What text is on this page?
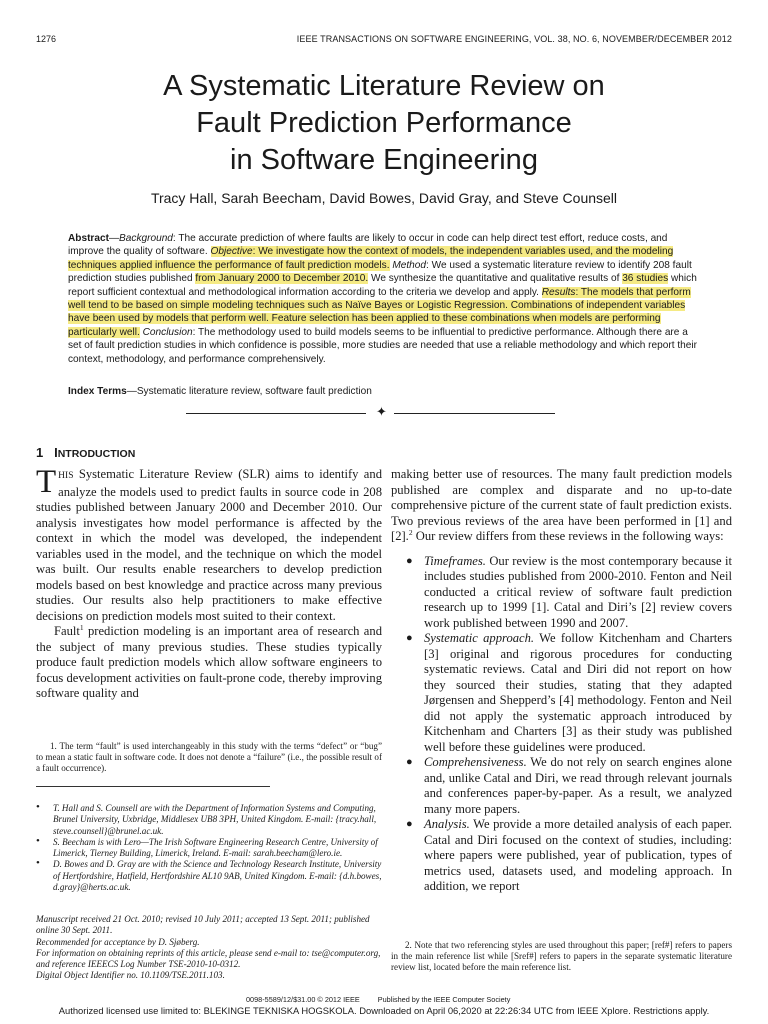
1276	IEEE TRANSACTIONS ON SOFTWARE ENGINEERING, VOL. 38, NO. 6, NOVEMBER/DECEMBER 2012
A Systematic Literature Review on
Fault Prediction Performance
in Software Engineering
Tracy Hall, Sarah Beecham, David Bowes, David Gray, and Steve Counsell
Abstract—Background: The accurate prediction of where faults are likely to occur in code can help direct test effort, reduce costs, and improve the quality of software. Objective: We investigate how the context of models, the independent variables used, and the modeling techniques applied influence the performance of fault prediction models. Method: We used a systematic literature review to identify 208 fault prediction studies published from January 2000 to December 2010. We synthesize the quantitative and qualitative results of 36 studies which report sufficient contextual and methodological information according to the criteria we develop and apply. Results: The models that perform well tend to be based on simple modeling techniques such as Naïve Bayes or Logistic Regression. Combinations of independent variables have been used by models that perform well. Feature selection has been applied to these combinations when models are performing particularly well. Conclusion: The methodology used to build models seems to be influential to predictive performance. Although there are a set of fault prediction studies in which confidence is possible, more studies are needed that use a reliable methodology and which report their context, methodology, and performance comprehensively.
Index Terms—Systematic literature review, software fault prediction
✦
1 INTRODUCTION

THIS Systematic Literature Review (SLR) aims to identify and analyze the models used to predict faults in source code in 208 studies published between January 2000 and December 2010. Our analysis investigates how model performance is affected by the context in which the model was developed, the independent variables used in the model, and the technique on which the model was built. Our results enable researchers to develop prediction models based on best knowledge and practice across many previous studies. Our results also help practitioners to make effective decisions on prediction models most suited to their context.

Fault$^1$ prediction modeling is an important area of research and the subject of many previous studies. These studies typically produce fault prediction models which allow software engineers to focus development activities on fault-prone code, thereby improving software quality and

1. The term “fault” is used interchangeably in this study with the terms “defect” or “bug” to mean a static fault in software code. It does not denote a “failure” (i.e., the possible result of a fault occurrence).
• T. Hall and S. Counsell are with the Department of Information Systems and Computing, Brunel University, Uxbridge, Middlesex UB8 3PH, United Kingdom. E-mail: {tracy.hall, steve.counsell}@brunel.ac.uk.
• S. Beecham is with Lero—The Irish Software Engineering Research Centre, University of Limerick, Tierney Building, Limerick, Ireland. E-mail: sarah.beecham@lero.ie.
• D. Bowes and D. Gray are with the Science and Technology Research Institute, University of Hertfordshire, Hatfield, Hertfordshire AL10 9AB, United Kingdom. E-mail: {d.h.bowes, d.gray}@herts.ac.uk.
Manuscript received 21 Oct. 2010; revised 10 July 2011; accepted 13 Sept. 2011; published online 30 Sept. 2011.
Recommended for acceptance by D. Sjøberg.
For information on obtaining reprints of this article, please send e-mail to: tse@computer.org, and reference IEEECS Log Number TSE-2010-10-0312.
Digital Object Identifier no. 10.1109/TSE.2011.103.

making better use of resources. The many fault prediction models published are complex and disparate and no up-to-date comprehensive picture of the current state of fault prediction exists. Two previous reviews of the area have been performed in [1] and [2].$^2$ Our review differs from these reviews in the following ways:

● Timeframes. Our review is the most contemporary because it includes studies published from 2000-2010. Fenton and Neil conducted a critical review of software fault prediction research up to 1999 [1]. Catal and Diri’s [2] review covers work published between 1990 and 2007.
● Systematic approach. We follow Kitchenham and Charters [3] original and rigorous procedures for conducting systematic reviews. Catal and Diri did not report on how they sourced their studies, stating that they adapted Jørgensen and Shepperd’s [4] methodology. Fenton and Neil did not apply the systematic approach introduced by Kitchenham and Charters [3] as their study was published well before these guidelines were produced.
● Comprehensiveness. We do not rely on search engines alone and, unlike Catal and Diri, we read through relevant journals and conferences paper-by-paper. As a result, we analyzed many more papers.
● Analysis. We provide a more detailed analysis of each paper. Catal and Diri focused on the context of studies, including: where papers were published, year of publication, types of metrics used, datasets used, and modeling approach. In addition, we report
2. Note that two referencing styles are used throughout this paper; [ref#] refers to papers in the main reference list while [Sref#] refers to papers in the separate systematic literature review list, located before the main reference list.
0098-5589/12/$31.00 © 2012 IEEE Published by the IEEE Computer Society
Authorized licensed use limited to: BLEKINGE TEKNISKA HOGSKOLA. Downloaded on April 06,2020 at 22:26:34 UTC from IEEE Xplore. Restrictions apply.
